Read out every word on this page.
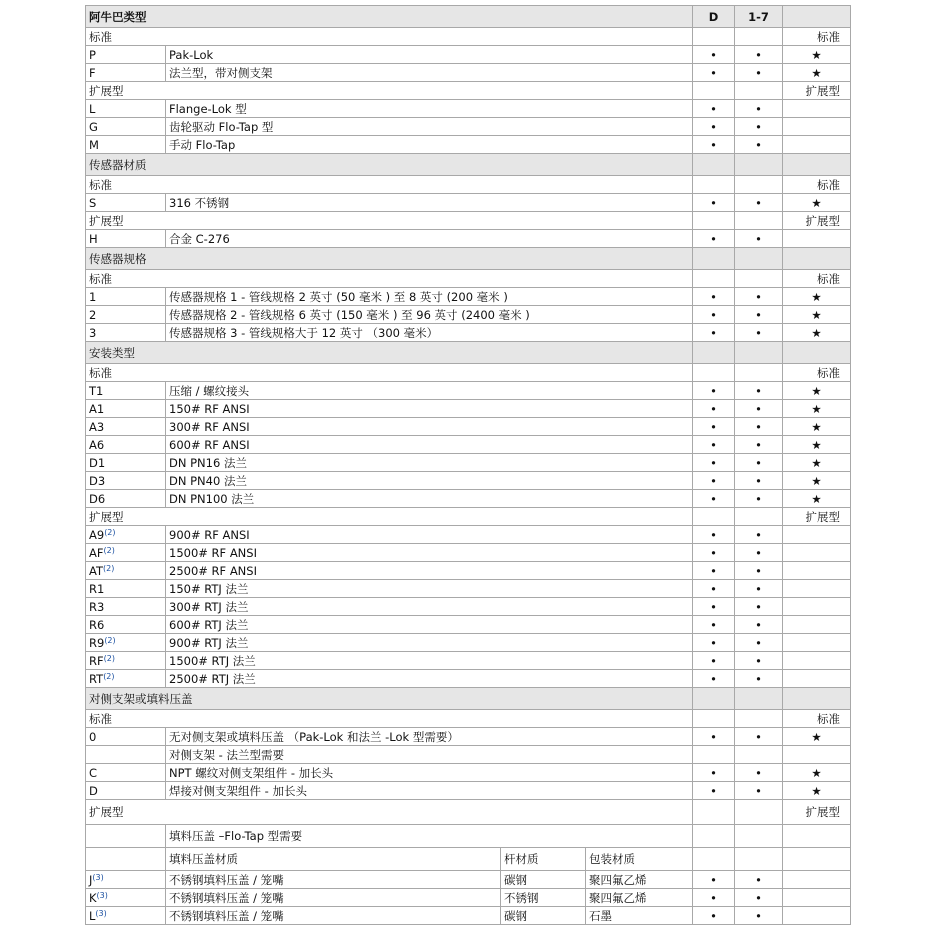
阿牛巴类型				D	1-7	
标准						标准
P	Pak-Lok			•	•	★
F	法兰型，带对侧支架			•	•	★
扩展型						扩展型
L	Flange-Lok 型			•	•	
G	齿轮驱动 Flo-Tap 型			•	•	
M	手动 Flo-Tap			•	•	
传感器材质						
标准						标准
S	316 不锈钢			•	•	★
扩展型						扩展型
H	合金 C-276			•	•	
传感器规格						
标准						标准
1	传感器规格 1 - 管线规格 2 英寸 (50 毫米 ) 至 8 英寸 (200 毫米 )			•	•	★
2	传感器规格 2 - 管线规格 6 英寸 (150 毫米 ) 至 96 英寸 (2400 毫米 )			•	•	★
3	传感器规格 3 - 管线规格大于 12 英寸 （300 毫米）			•	•	★
安装类型						
标准						标准
T1	压缩 / 螺纹接头			•	•	★
A1	150# RF ANSI			•	•	★
A3	300# RF ANSI			•	•	★
A6	600# RF ANSI			•	•	★
D1	DN PN16 法兰			•	•	★
D3	DN PN40 法兰			•	•	★
D6	DN PN100 法兰			•	•	★
扩展型						扩展型
A9$^{(2)}$	900# RF ANSI			•	•	
AF$^{(2)}$	1500# RF ANSI			•	•	
AT$^{(2)}$	2500# RF ANSI			•	•	
R1	150# RTJ 法兰			•	•	
R3	300# RTJ 法兰			•	•	
R6	600# RTJ 法兰			•	•	
R9$^{(2)}$	900# RTJ 法兰			•	•	
RF$^{(2)}$	1500# RTJ 法兰			•	•	
RT$^{(2)}$	2500# RTJ 法兰			•	•	
对侧支架或填料压盖						
标准						标准
0	无对侧支架或填料压盖 （Pak-Lok 和法兰 -Lok 型需要）			•	•	★
	对侧支架 - 法兰型需要					
C	NPT 螺纹对侧支架组件 - 加长头			•	•	★
D	焊接对侧支架组件 - 加长头			•	•	★
扩展型						扩展型
	填料压盖 –Flo-Tap 型需要					
	填料压盖材质	杆材质	包装材质			
$J^{(3)}$	不锈钢填料压盖 / 笼嘴	碳钢	聚四氟乙烯	•	•	
$K^{(3)}$	不锈钢填料压盖 / 笼嘴	不锈钢	聚四氟乙烯	•	•	
$L^{(3)}$	不锈钢填料压盖 / 笼嘴	碳钢	石墨	•	•	
